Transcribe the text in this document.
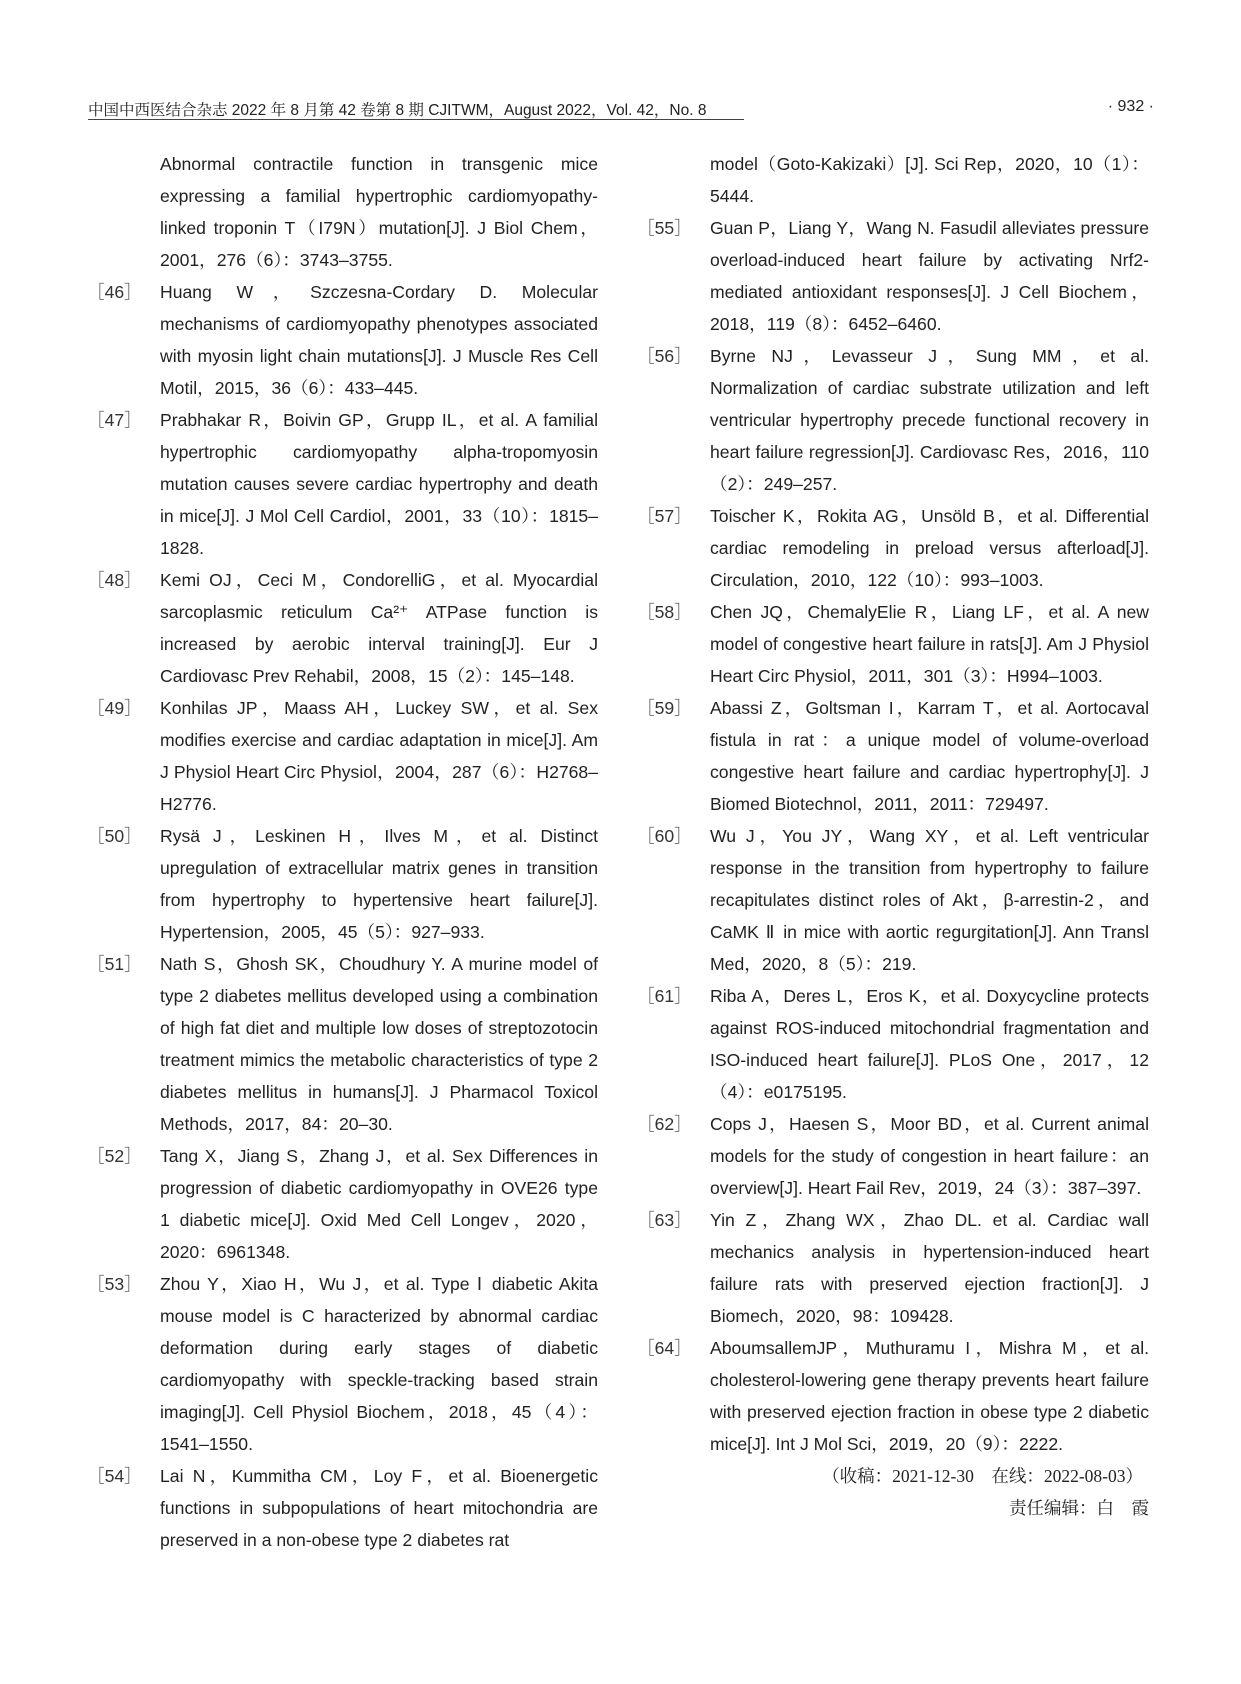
中国中西医结合杂志 2022 年 8 月第 42 卷第 8 期 CJITWM，August 2022，Vol. 42，No. 8	· 932 ·
Abnormal contractile function in transgenic mice expressing a familial hypertrophic cardiomyopathy-linked troponin T（I79N）mutation[J]. J Biol Chem，2001，276（6）：3743–3755.
［46］ Huang W，Szczesna-Cordary D. Molecular mechanisms of cardiomyopathy phenotypes associated with myosin light chain mutations[J]. J Muscle Res Cell Motil，2015，36（6）：433–445.
［47］ Prabhakar R，Boivin GP，Grupp IL，et al. A familial hypertrophic cardiomyopathy alpha-tropomyosin mutation causes severe cardiac hypertrophy and death in mice[J]. J Mol Cell Cardiol，2001，33（10）：1815–1828.
［48］ Kemi OJ，Ceci M，CondorelliG，et al. Myocardial sarcoplasmic reticulum Ca²⁺ ATPase function is increased by aerobic interval training[J]. Eur J Cardiovasc Prev Rehabil，2008，15（2）：145–148.
［49］ Konhilas JP，Maass AH，Luckey SW，et al. Sex modifies exercise and cardiac adaptation in mice[J]. Am J Physiol Heart Circ Physiol，2004，287（6）：H2768–H2776.
［50］ Rysä J，Leskinen H，Ilves M，et al. Distinct upregulation of extracellular matrix genes in transition from hypertrophy to hypertensive heart failure[J]. Hypertension，2005，45（5）：927–933.
［51］ Nath S，Ghosh SK，Choudhury Y. A murine model of type 2 diabetes mellitus developed using a combination of high fat diet and multiple low doses of streptozotocin treatment mimics the metabolic characteristics of type 2 diabetes mellitus in humans[J]. J Pharmacol Toxicol Methods，2017，84：20–30.
［52］ Tang X，Jiang S，Zhang J，et al. Sex Differences in progression of diabetic cardiomyopathy in OVE26 type 1 diabetic mice[J]. Oxid Med Cell Longev，2020，2020：6961348.
［53］ Zhou Y，Xiao H，Wu J，et al. Type Ⅰ diabetic Akita mouse model is C haracterized by abnormal cardiac deformation during early stages of diabetic cardiomyopathy with speckle-tracking based strain imaging[J]. Cell Physiol Biochem，2018，45（4）：1541–1550.
［54］ Lai N，Kummitha CM，Loy F，et al. Bioenergetic functions in subpopulations of heart mitochondria are preserved in a non-obese type 2 diabetes rat
model（Goto-Kakizaki）[J]. Sci Rep，2020，10（1）：5444.
［55］ Guan P，Liang Y，Wang N. Fasudil alleviates pressure overload-induced heart failure by activating Nrf2-mediated antioxidant responses[J]. J Cell Biochem，2018，119（8）：6452–6460.
［56］ Byrne NJ，Levasseur J，Sung MM，et al. Normalization of cardiac substrate utilization and left ventricular hypertrophy precede functional recovery in heart failure regression[J]. Cardiovasc Res，2016，110（2）：249–257.
［57］ Toischer K，Rokita AG，Unsöld B，et al. Differential cardiac remodeling in preload versus afterload[J]. Circulation，2010，122（10）：993–1003.
［58］ Chen JQ，ChemalyElie R，Liang LF，et al. A new model of congestive heart failure in rats[J]. Am J Physiol Heart Circ Physiol，2011，301（3）：H994–1003.
［59］ Abassi Z，Goltsman I，Karram T，et al. Aortocaval fistula in rat：a unique model of volume-overload congestive heart failure and cardiac hypertrophy[J]. J Biomed Biotechnol，2011，2011：729497.
［60］ Wu J，You JY，Wang XY，et al. Left ventricular response in the transition from hypertrophy to failure recapitulates distinct roles of Akt，β-arrestin-2，and CaMK Ⅱ in mice with aortic regurgitation[J]. Ann Transl Med，2020，8（5）：219.
［61］ Riba A，Deres L，Eros K，et al. Doxycycline protects against ROS-induced mitochondrial fragmentation and ISO-induced heart failure[J]. PLoS One，2017，12（4）：e0175195.
［62］ Cops J，Haesen S，Moor BD，et al. Current animal models for the study of congestion in heart failure：an overview[J]. Heart Fail Rev，2019，24（3）：387–397.
［63］ Yin Z，Zhang WX，Zhao DL. et al. Cardiac wall mechanics analysis in hypertension-induced heart failure rats with preserved ejection fraction[J]. J Biomech，2020，98：109428.
［64］ AboumsallemJP，Muthuramu I，Mishra M，et al. cholesterol-lowering gene therapy prevents heart failure with preserved ejection fraction in obese type 2 diabetic mice[J]. Int J Mol Sci，2019，20（9）：2222.
（收稿：2021-12-30　在线：2022-08-03）
责任编辑：白　霞
